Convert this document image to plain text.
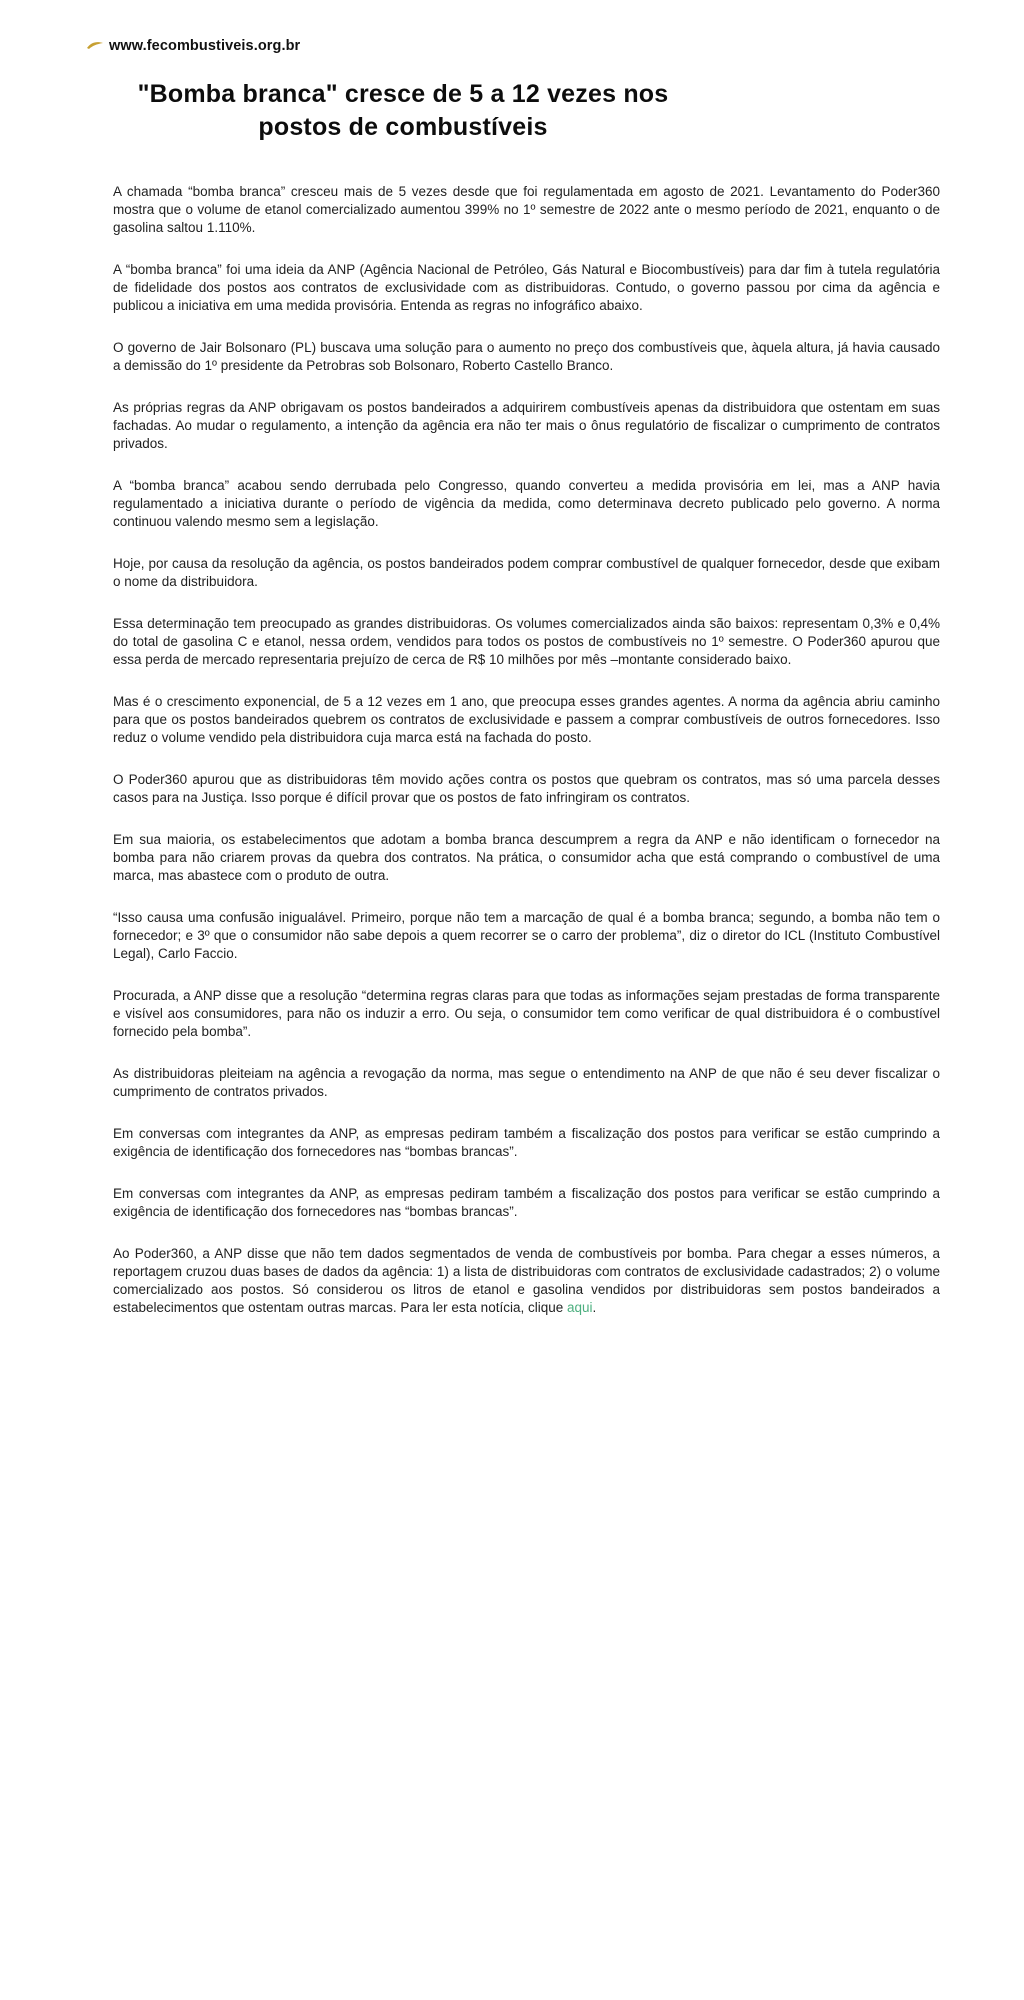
www.fecombustiveis.org.br
"Bomba branca" cresce de 5 a 12 vezes nos postos de combustíveis

A chamada “bomba branca” cresceu mais de 5 vezes desde que foi regulamentada em agosto de 2021. Levantamento do Poder360 mostra que o volume de etanol comercializado aumentou 399% no 1º semestre de 2022 ante o mesmo período de 2021, enquanto o de gasolina saltou 1.110%.

A “bomba branca” foi uma ideia da ANP (Agência Nacional de Petróleo, Gás Natural e Biocombustíveis) para dar fim à tutela regulatória de fidelidade dos postos aos contratos de exclusividade com as distribuidoras. Contudo, o governo passou por cima da agência e publicou a iniciativa em uma medida provisória. Entenda as regras no infográfico abaixo.

O governo de Jair Bolsonaro (PL) buscava uma solução para o aumento no preço dos combustíveis que, àquela altura, já havia causado a demissão do 1º presidente da Petrobras sob Bolsonaro, Roberto Castello Branco.

As próprias regras da ANP obrigavam os postos bandeirados a adquirirem combustíveis apenas da distribuidora que ostentam em suas fachadas. Ao mudar o regulamento, a intenção da agência era não ter mais o ônus regulatório de fiscalizar o cumprimento de contratos privados.

A “bomba branca” acabou sendo derrubada pelo Congresso, quando converteu a medida provisória em lei, mas a ANP havia regulamentado a iniciativa durante o período de vigência da medida, como determinava decreto publicado pelo governo. A norma continuou valendo mesmo sem a legislação.

Hoje, por causa da resolução da agência, os postos bandeirados podem comprar combustível de qualquer fornecedor, desde que exibam o nome da distribuidora.

Essa determinação tem preocupado as grandes distribuidoras. Os volumes comercializados ainda são baixos: representam 0,3% e 0,4% do total de gasolina C e etanol, nessa ordem, vendidos para todos os postos de combustíveis no 1º semestre. O Poder360 apurou que essa perda de mercado representaria prejuízo de cerca de R$ 10 milhões por mês –montante considerado baixo.

Mas é o crescimento exponencial, de 5 a 12 vezes em 1 ano, que preocupa esses grandes agentes. A norma da agência abriu caminho para que os postos bandeirados quebrem os contratos de exclusividade e passem a comprar combustíveis de outros fornecedores. Isso reduz o volume vendido pela distribuidora cuja marca está na fachada do posto.

O Poder360 apurou que as distribuidoras têm movido ações contra os postos que quebram os contratos, mas só uma parcela desses casos para na Justiça. Isso porque é difícil provar que os postos de fato infringiram os contratos.

Em sua maioria, os estabelecimentos que adotam a bomba branca descumprem a regra da ANP e não identificam o fornecedor na bomba para não criarem provas da quebra dos contratos. Na prática, o consumidor acha que está comprando o combustível de uma marca, mas abastece com o produto de outra.

“Isso causa uma confusão inigualável. Primeiro, porque não tem a marcação de qual é a bomba branca; segundo, a bomba não tem o fornecedor; e 3º que o consumidor não sabe depois a quem recorrer se o carro der problema”, diz o diretor do ICL (Instituto Combustível Legal), Carlo Faccio.

Procurada, a ANP disse que a resolução “determina regras claras para que todas as informações sejam prestadas de forma transparente e visível aos consumidores, para não os induzir a erro. Ou seja, o consumidor tem como verificar de qual distribuidora é o combustível fornecido pela bomba”.

As distribuidoras pleiteiam na agência a revogação da norma, mas segue o entendimento na ANP de que não é seu dever fiscalizar o cumprimento de contratos privados.

Em conversas com integrantes da ANP, as empresas pediram também a fiscalização dos postos para verificar se estão cumprindo a exigência de identificação dos fornecedores nas “bombas brancas”.

Em conversas com integrantes da ANP, as empresas pediram também a fiscalização dos postos para verificar se estão cumprindo a exigência de identificação dos fornecedores nas “bombas brancas”.

Ao Poder360, a ANP disse que não tem dados segmentados de venda de combustíveis por bomba. Para chegar a esses números, a reportagem cruzou duas bases de dados da agência: 1) a lista de distribuidoras com contratos de exclusividade cadastrados; 2) o volume comercializado aos postos. Só considerou os litros de etanol e gasolina vendidos por distribuidoras sem postos bandeirados a estabelecimentos que ostentam outras marcas. Para ler esta notícia, clique aqui.
